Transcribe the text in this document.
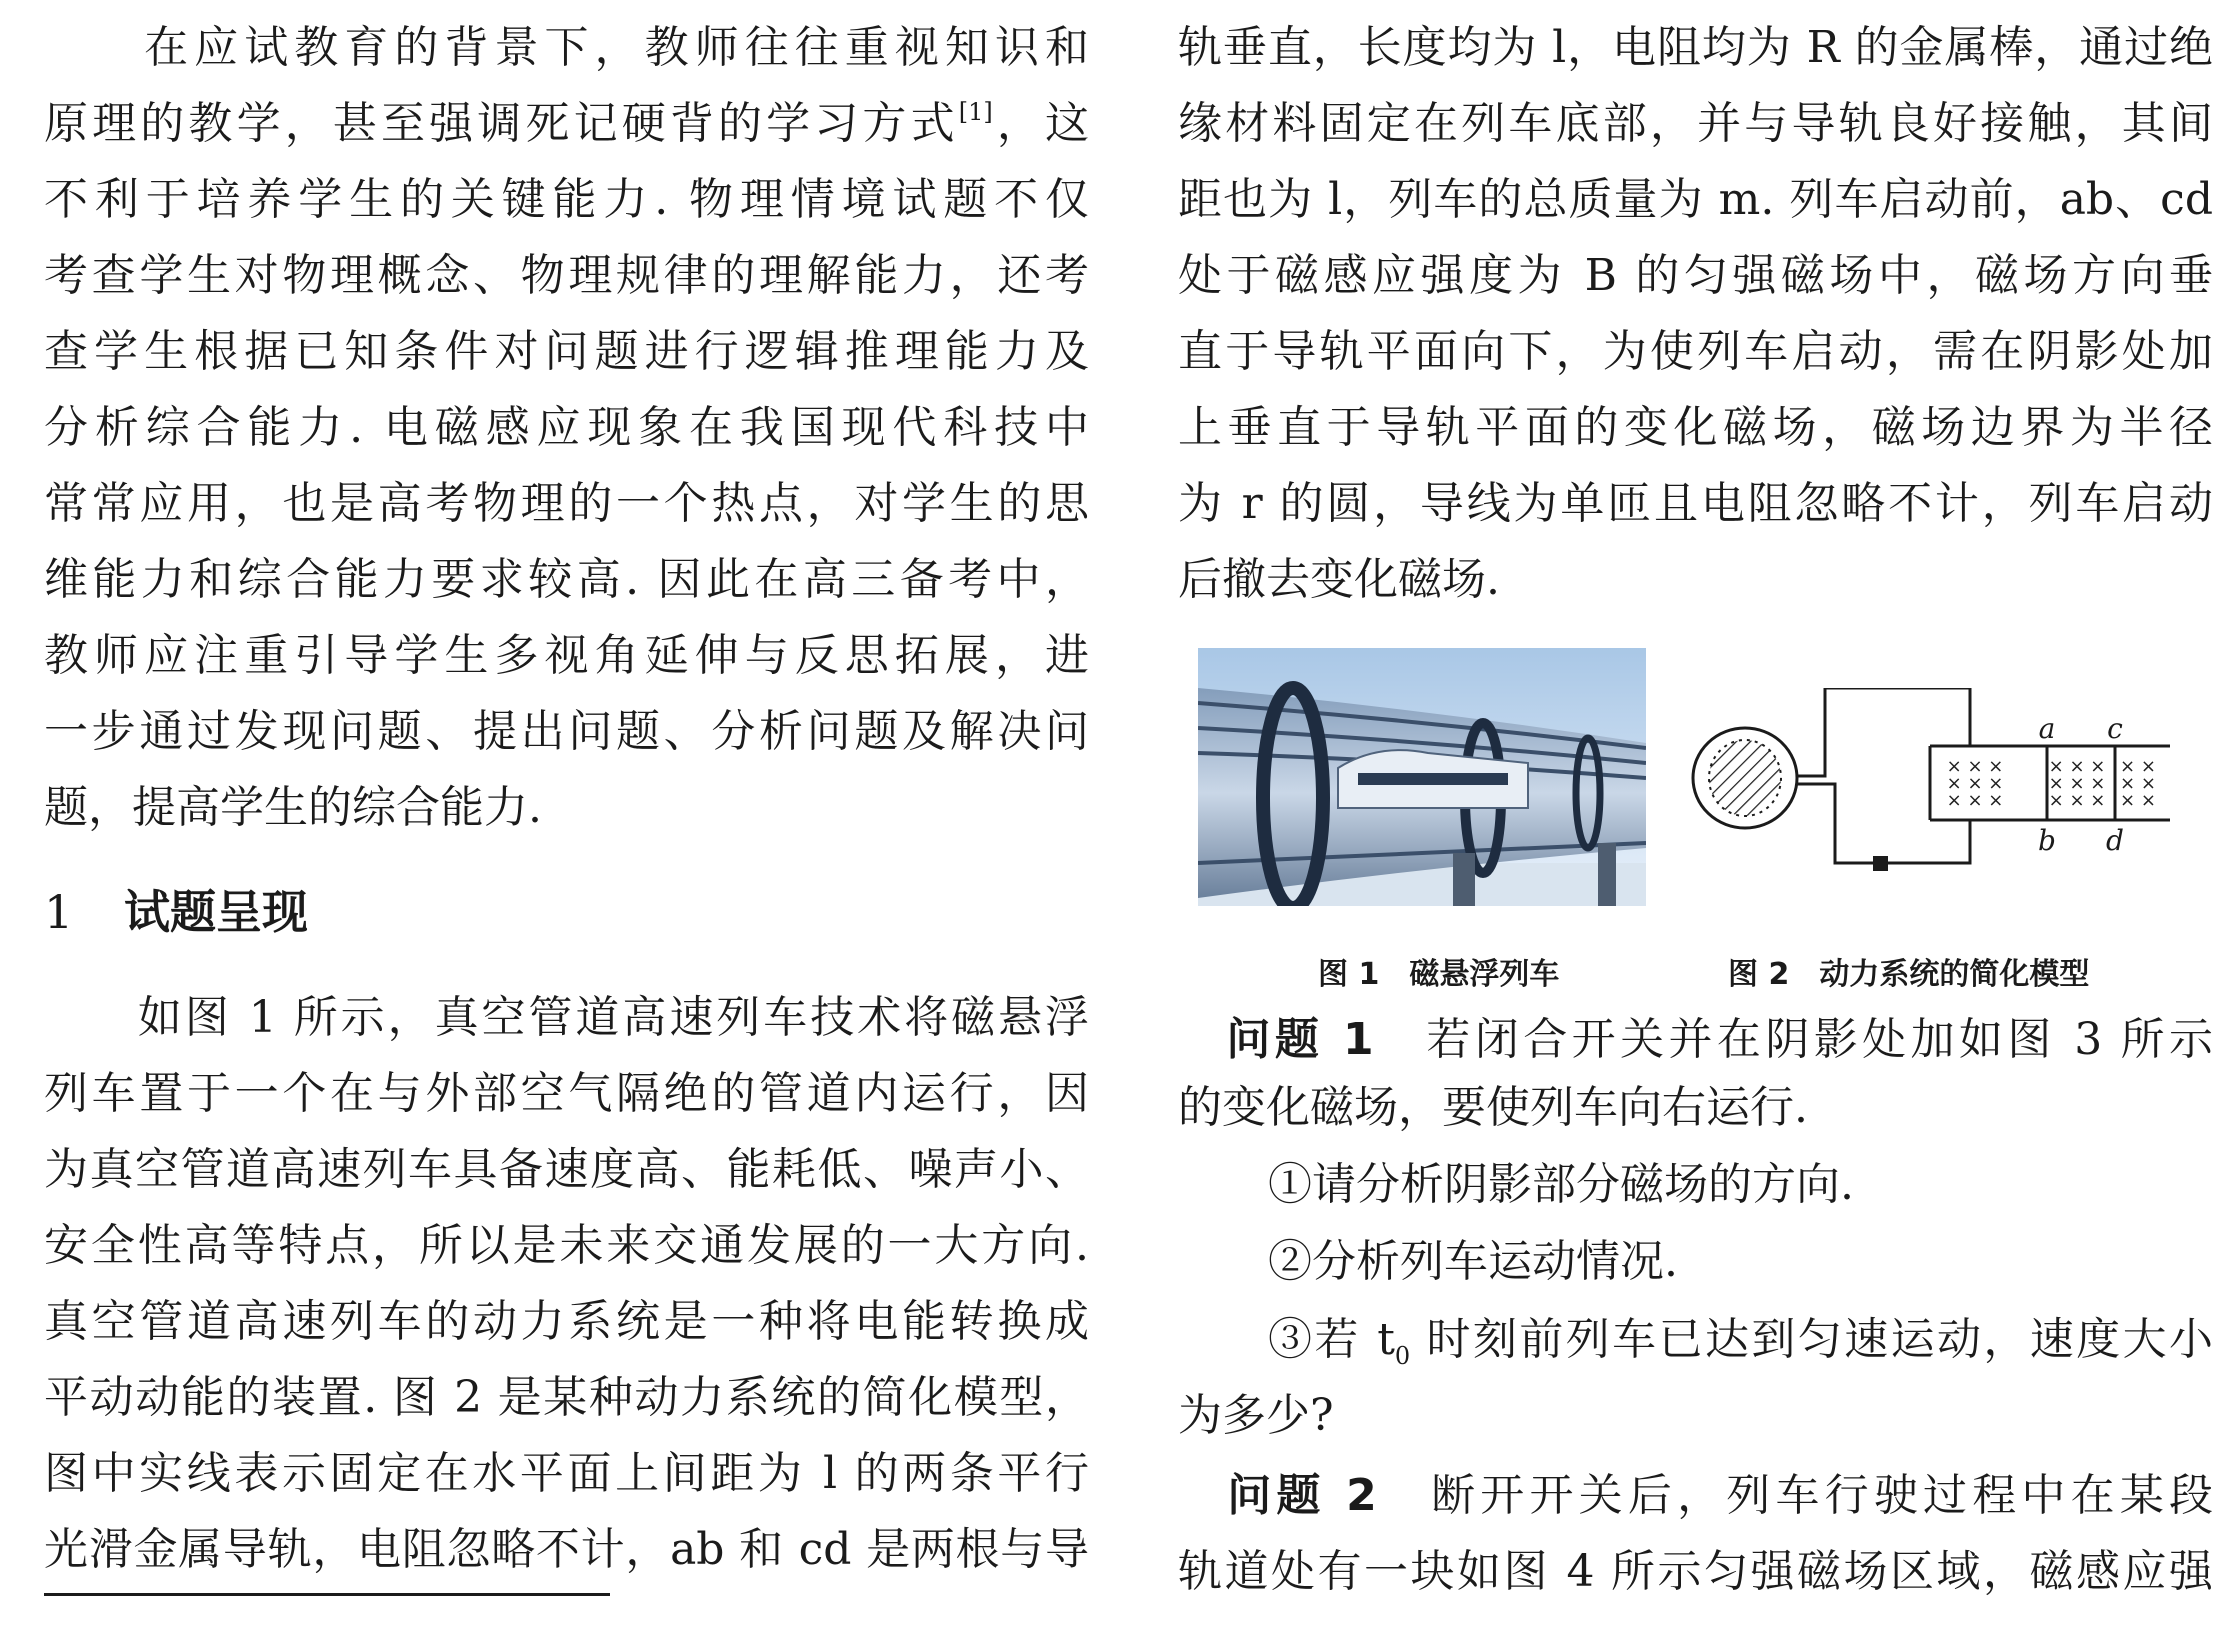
　　在应试教育的背景下，教师往往重视知识和
原理的教学，甚至强调死记硬背的学习方式[1]，这
不利于培养学生的关键能力. 物理情境试题不仅
考查学生对物理概念、物理规律的理解能力，还考
查学生根据已知条件对问题进行逻辑推理能力及
分析综合能力. 电磁感应现象在我国现代科技中
常常应用，也是高考物理的一个热点，对学生的思
维能力和综合能力要求较高. 因此在高三备考中，
教师应注重引导学生多视角延伸与反思拓展，进
一步通过发现问题、提出问题、分析问题及解决问
题，提高学生的综合能力.
1 试题呈现
　　如图 1 所示，真空管道高速列车技术将磁悬浮
列车置于一个在与外部空气隔绝的管道内运行，因
为真空管道高速列车具备速度高、能耗低、噪声小、
安全性高等特点，所以是未来交通发展的一大方向.
真空管道高速列车的动力系统是一种将电能转换成
平动动能的装置. 图 2 是某种动力系统的简化模型，
图中实线表示固定在水平面上间距为 l 的两条平行
光滑金属导轨，电阻忽略不计，ab 和 cd 是两根与导
轨垂直，长度均为 l，电阻均为 R 的金属棒，通过绝
缘材料固定在列车底部，并与导轨良好接触，其间
距也为 l，列车的总质量为 m. 列车启动前，ab、cd
处于磁感应强度为 B 的匀强磁场中，磁场方向垂
直于导轨平面向下，为使列车启动，需在阴影处加
上垂直于导轨平面的变化磁场，磁场边界为半径
为 r 的圆，导线为单匝且电阻忽略不计，列车启动
后撤去变化磁场.
× × ×
× × ×
× × ×
× × ×
× × ×
× × ×
× ×
× ×
× ×
a c
b d
图 1　磁悬浮列车	图 2　动力系统的简化模型
　问题 1　若闭合开关并在阴影处加如图 3 所示
的变化磁场，要使列车向右运行.
①请分析阴影部分磁场的方向.
②分析列车运动情况.
③若 $t_0$ 时刻前列车已达到匀速运动，速度大小
为多少?
　问题 2　断开开关后，列车行驶过程中在某段
轨道处有一块如图 4 所示匀强磁场区域，磁感应强
